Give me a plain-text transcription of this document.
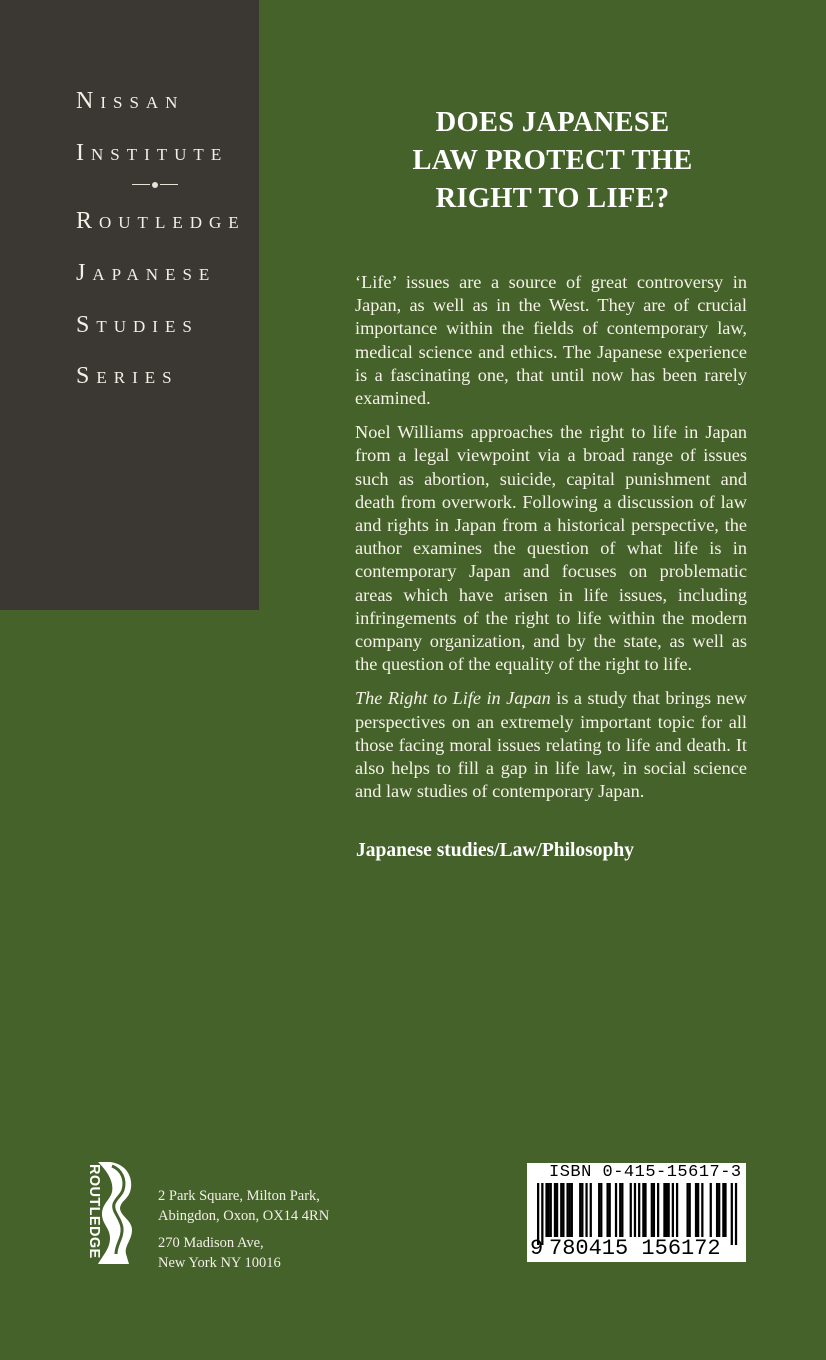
Nissan
Institute
Routledge
Japanese
Studies
Series
DOES JAPANESE
LAW PROTECT THE
RIGHT TO LIFE?

‘Life’ issues are a source of great controversy in Japan, as well as in the West. They are of crucial importance within the fields of contemporary law, medical science and ethics. The Japanese experience is a fascinating one, that until now has been rarely examined.

Noel Williams approaches the right to life in Japan from a legal viewpoint via a broad range of issues such as abortion, suicide, capital punishment and death from overwork. Following a discussion of law and rights in Japan from a historical perspective, the author examines the question of what life is in contemporary Japan and focuses on problematic areas which have arisen in life issues, including infringements of the right to life within the modern company organization, and by the state, as well as the question of the equality of the right to life.

The Right to Life in Japan is a study that brings new perspectives on an extremely important topic for all those facing moral issues relating to life and death. It also helps to fill a gap in life law, in social science and law studies of contemporary Japan.

Japanese studies/Law/Philosophy
ROUTLEDGE	2 Park Square, Milton Park,
Abingdon, Oxon, OX14 4RN
270 Madison Ave,
New York NY 10016
ISBN 0-415-15617-3
9 780415 156172
